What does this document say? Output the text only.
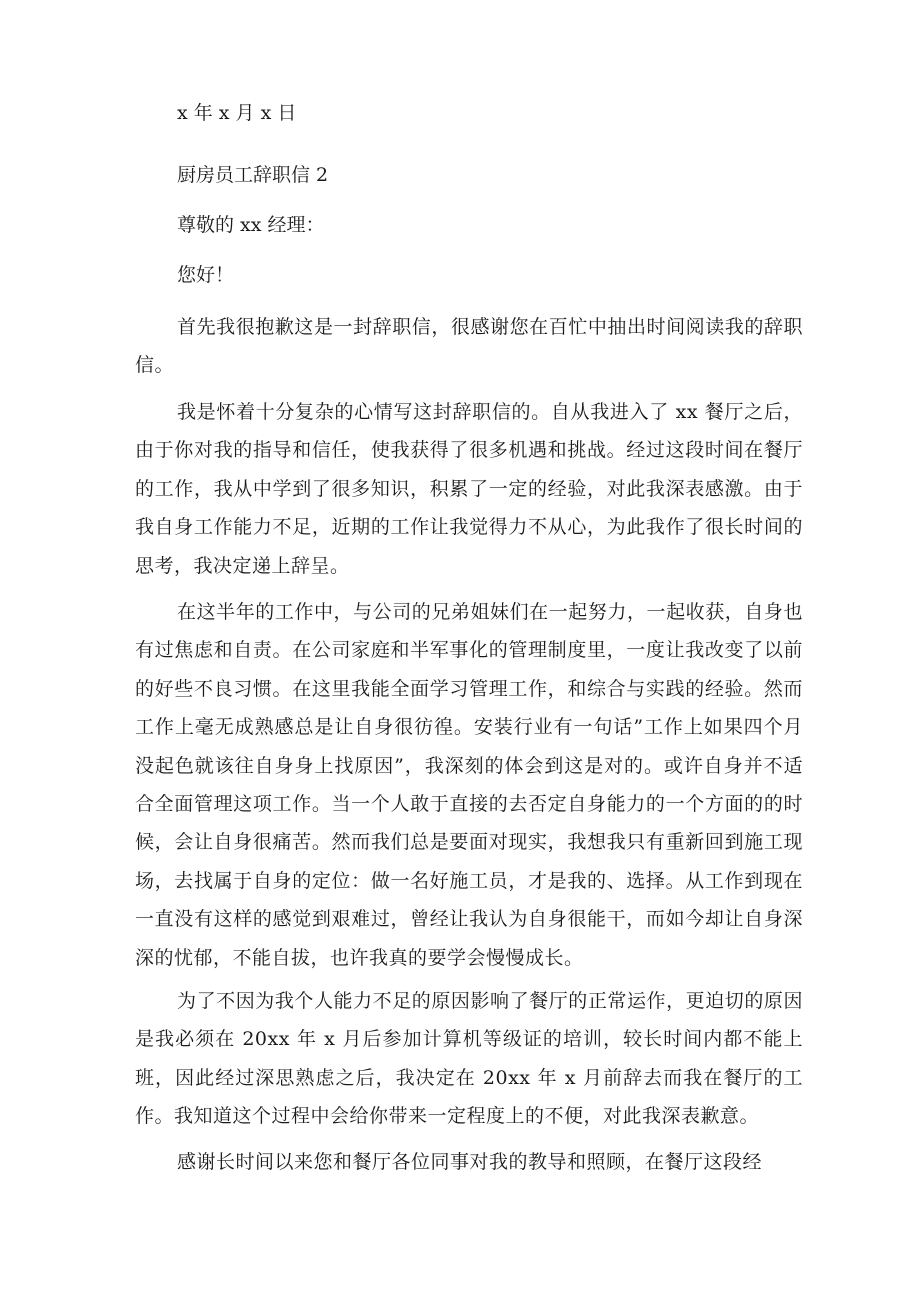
x 年 x 月 x 日

厨房员工辞职信 2

尊敬的 xx 经理：

您好！

首先我很抱歉这是一封辞职信，很感谢您在百忙中抽出时间阅读我的辞职信。

我是怀着十分复杂的心情写这封辞职信的。自从我进入了 xx 餐厅之后，由于你对我的指导和信任，使我获得了很多机遇和挑战。经过这段时间在餐厅的工作，我从中学到了很多知识，积累了一定的经验，对此我深表感激。由于我自身工作能力不足，近期的工作让我觉得力不从心，为此我作了很长时间的思考，我决定递上辞呈。

在这半年的工作中，与公司的兄弟姐妹们在一起努力，一起收获，自身也有过焦虑和自责。在公司家庭和半军事化的管理制度里，一度让我改变了以前的好些不良习惯。在这里我能全面学习管理工作，和综合与实践的经验。然而工作上毫无成熟感总是让自身很彷徨。安装行业有一句话”工作上如果四个月没起色就该往自身身上找原因”，我深刻的体会到这是对的。或许自身并不适合全面管理这项工作。当一个人敢于直接的去否定自身能力的一个方面的的时候，会让自身很痛苦。然而我们总是要面对现实，我想我只有重新回到施工现场，去找属于自身的定位：做一名好施工员，才是我的、选择。从工作到现在一直没有这样的感觉到艰难过，曾经让我认为自身很能干，而如今却让自身深深的忧郁，不能自拔，也许我真的要学会慢慢成长。

为了不因为我个人能力不足的原因影响了餐厅的正常运作，更迫切的原因是我必须在 20xx 年 x 月后参加计算机等级证的培训，较长时间内都不能上班，因此经过深思熟虑之后，我决定在 20xx 年 x 月前辞去而我在餐厅的工作。我知道这个过程中会给你带来一定程度上的不便，对此我深表歉意。

感谢长时间以来您和餐厅各位同事对我的教导和照顾，在餐厅这段经
